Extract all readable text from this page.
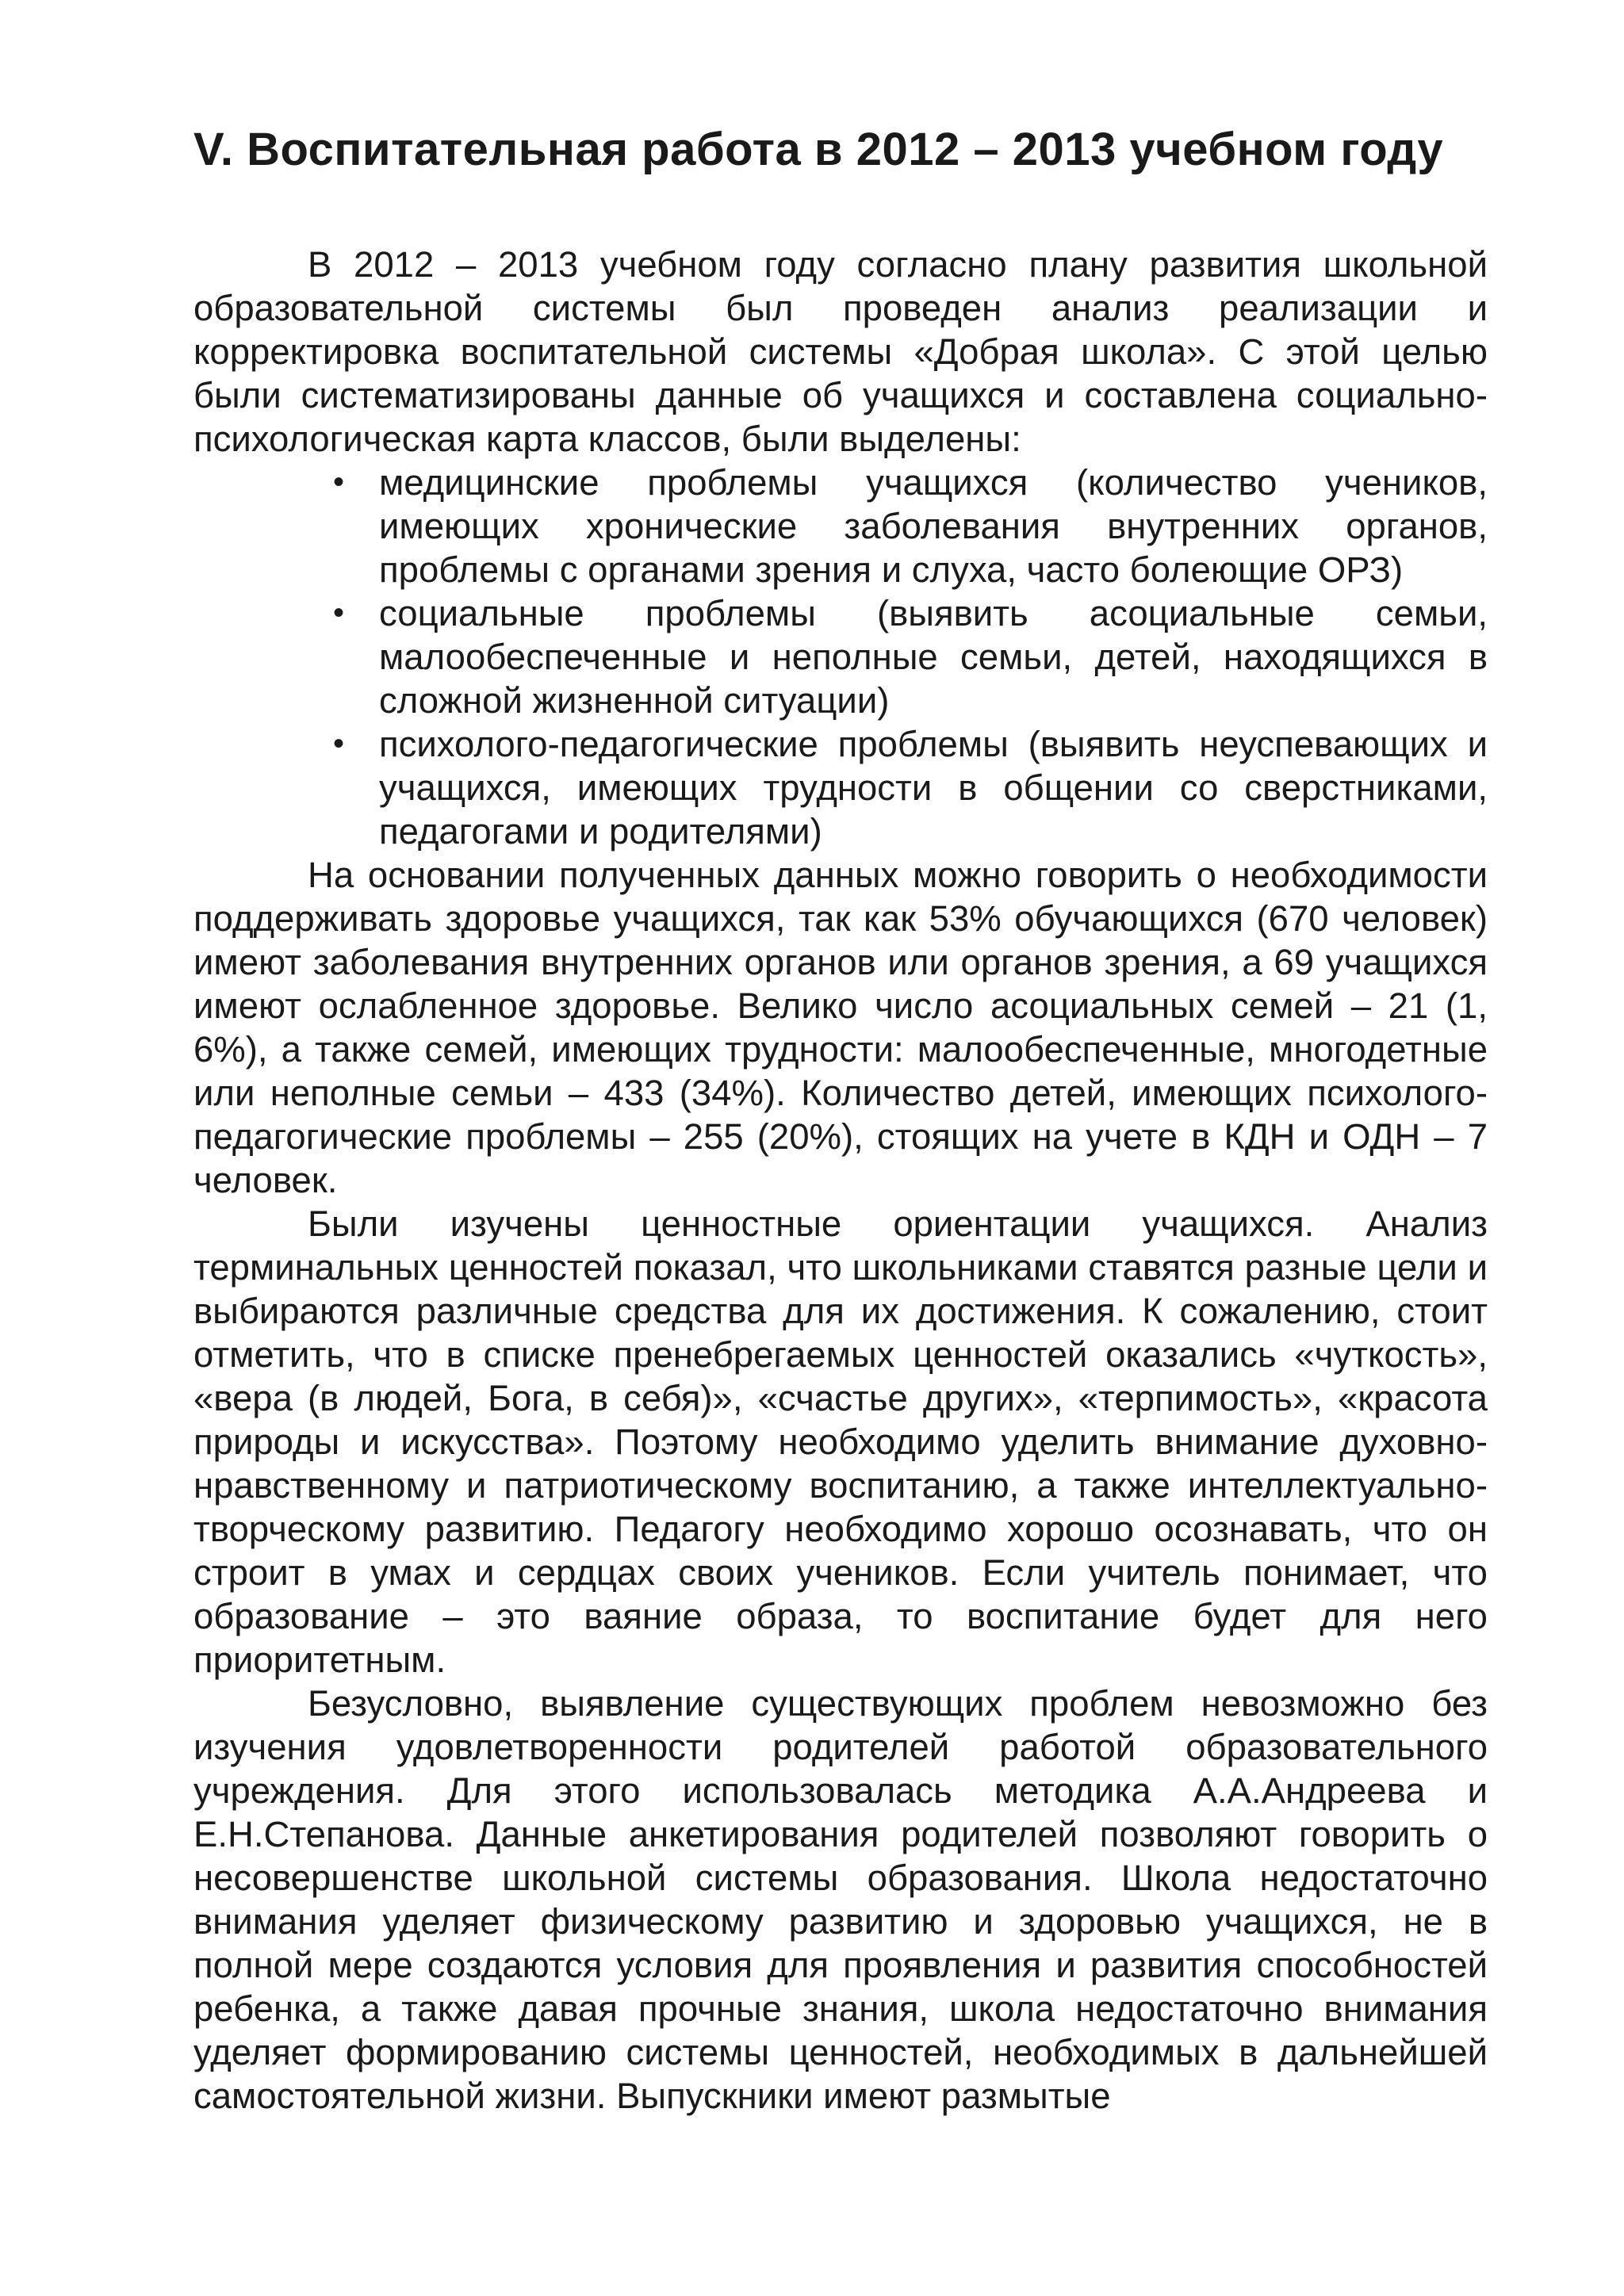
V. Воспитательная работа в 2012 – 2013 учебном году

В 2012 – 2013 учебном году согласно плану развития школьной образовательной системы был проведен анализ реализации и корректировка воспитательной системы «Добрая школа». С этой целью были систематизированы данные об учащихся и составлена социально-психологическая карта классов, были выделены:

• медицинские проблемы учащихся (количество учеников, имеющих хронические заболевания внутренних органов, проблемы с органами зрения и слуха, часто болеющие ОРЗ)
• социальные проблемы (выявить асоциальные семьи, малообеспеченные и неполные семьи, детей, находящихся в сложной жизненной ситуации)
• психолого-педагогические проблемы (выявить неуспевающих и учащихся, имеющих трудности в общении со сверстниками, педагогами и родителями)

На основании полученных данных можно говорить о необходимости поддерживать здоровье учащихся, так как 53% обучающихся (670 человек) имеют заболевания внутренних органов или органов зрения, а 69 учащихся имеют ослабленное здоровье. Велико число асоциальных семей – 21 (1, 6%), а также семей, имеющих трудности: малообеспеченные, многодетные или неполные семьи – 433 (34%). Количество детей, имеющих психолого-педагогические проблемы – 255 (20%), стоящих на учете в КДН и ОДН – 7 человек.

Были изучены ценностные ориентации учащихся. Анализ терминальных ценностей показал, что школьниками ставятся разные цели и выбираются различные средства для их достижения. К сожалению, стоит отметить, что в списке пренебрегаемых ценностей оказались «чуткость», «вера (в людей, Бога, в себя)», «счастье других», «терпимость», «красота природы и искусства». Поэтому необходимо уделить внимание духовно-нравственному и патриотическому воспитанию, а также интеллектуально-творческому развитию. Педагогу необходимо хорошо осознавать, что он строит в умах и сердцах своих учеников. Если учитель понимает, что образование – это ваяние образа, то воспитание будет для него приоритетным.

Безусловно, выявление существующих проблем невозможно без изучения удовлетворенности родителей работой образовательного учреждения. Для этого использовалась методика А.А.Андреева и Е.Н.Степанова. Данные анкетирования родителей позволяют говорить о несовершенстве школьной системы образования. Школа недостаточно внимания уделяет физическому развитию и здоровью учащихся, не в полной мере создаются условия для проявления и развития способностей ребенка, а также давая прочные знания, школа недостаточно внимания уделяет формированию системы ценностей, необходимых в дальнейшей самостоятельной жизни. Выпускники имеют размытые
